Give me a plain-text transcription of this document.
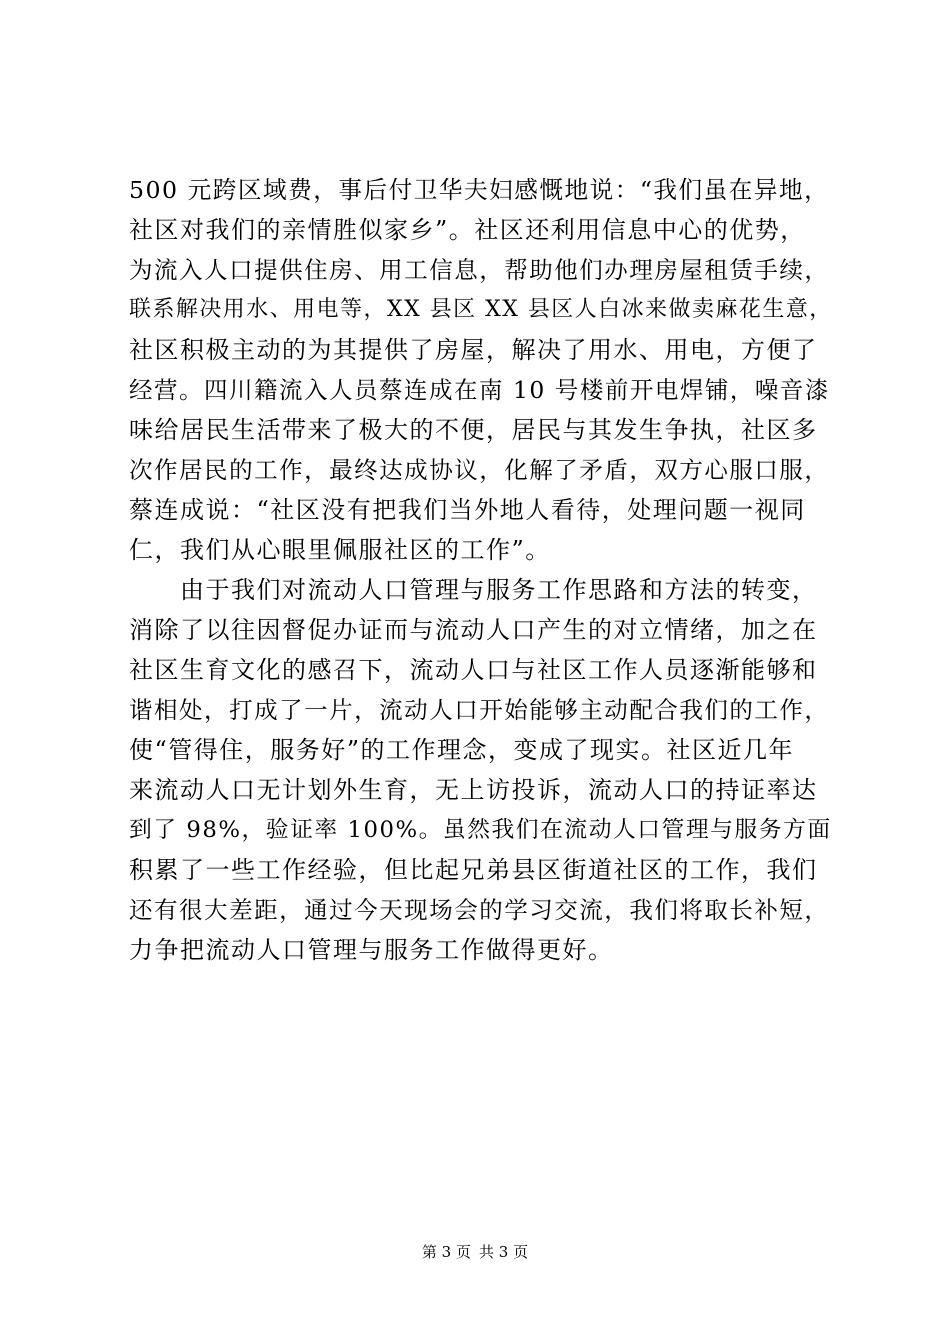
500 元跨区域费，事后付卫华夫妇感慨地说：“我们虽在异地，
社区对我们的亲情胜似家乡”。社区还利用信息中心的优势，
为流入人口提供住房、用工信息，帮助他们办理房屋租赁手续，
联系解决用水、用电等，XX 县区 XX 县区人白冰来做卖麻花生意，
社区积极主动的为其提供了房屋，解决了用水、用电，方便了
经营。四川籍流入人员蔡连成在南 10 号楼前开电焊铺，噪音漆
味给居民生活带来了极大的不便，居民与其发生争执，社区多
次作居民的工作，最终达成协议，化解了矛盾，双方心服口服，
蔡连成说：“社区没有把我们当外地人看待，处理问题一视同
仁，我们从心眼里佩服社区的工作”。
　　由于我们对流动人口管理与服务工作思路和方法的转变，
消除了以往因督促办证而与流动人口产生的对立情绪，加之在
社区生育文化的感召下，流动人口与社区工作人员逐渐能够和
谐相处，打成了一片，流动人口开始能够主动配合我们的工作，
使“管得住，服务好”的工作理念，变成了现实。社区近几年
来流动人口无计划外生育，无上访投诉，流动人口的持证率达
到了 98%，验证率 100%。虽然我们在流动人口管理与服务方面
积累了一些工作经验，但比起兄弟县区街道社区的工作，我们
还有很大差距，通过今天现场会的学习交流，我们将取长补短，
力争把流动人口管理与服务工作做得更好。
第 3 页 共 3 页
